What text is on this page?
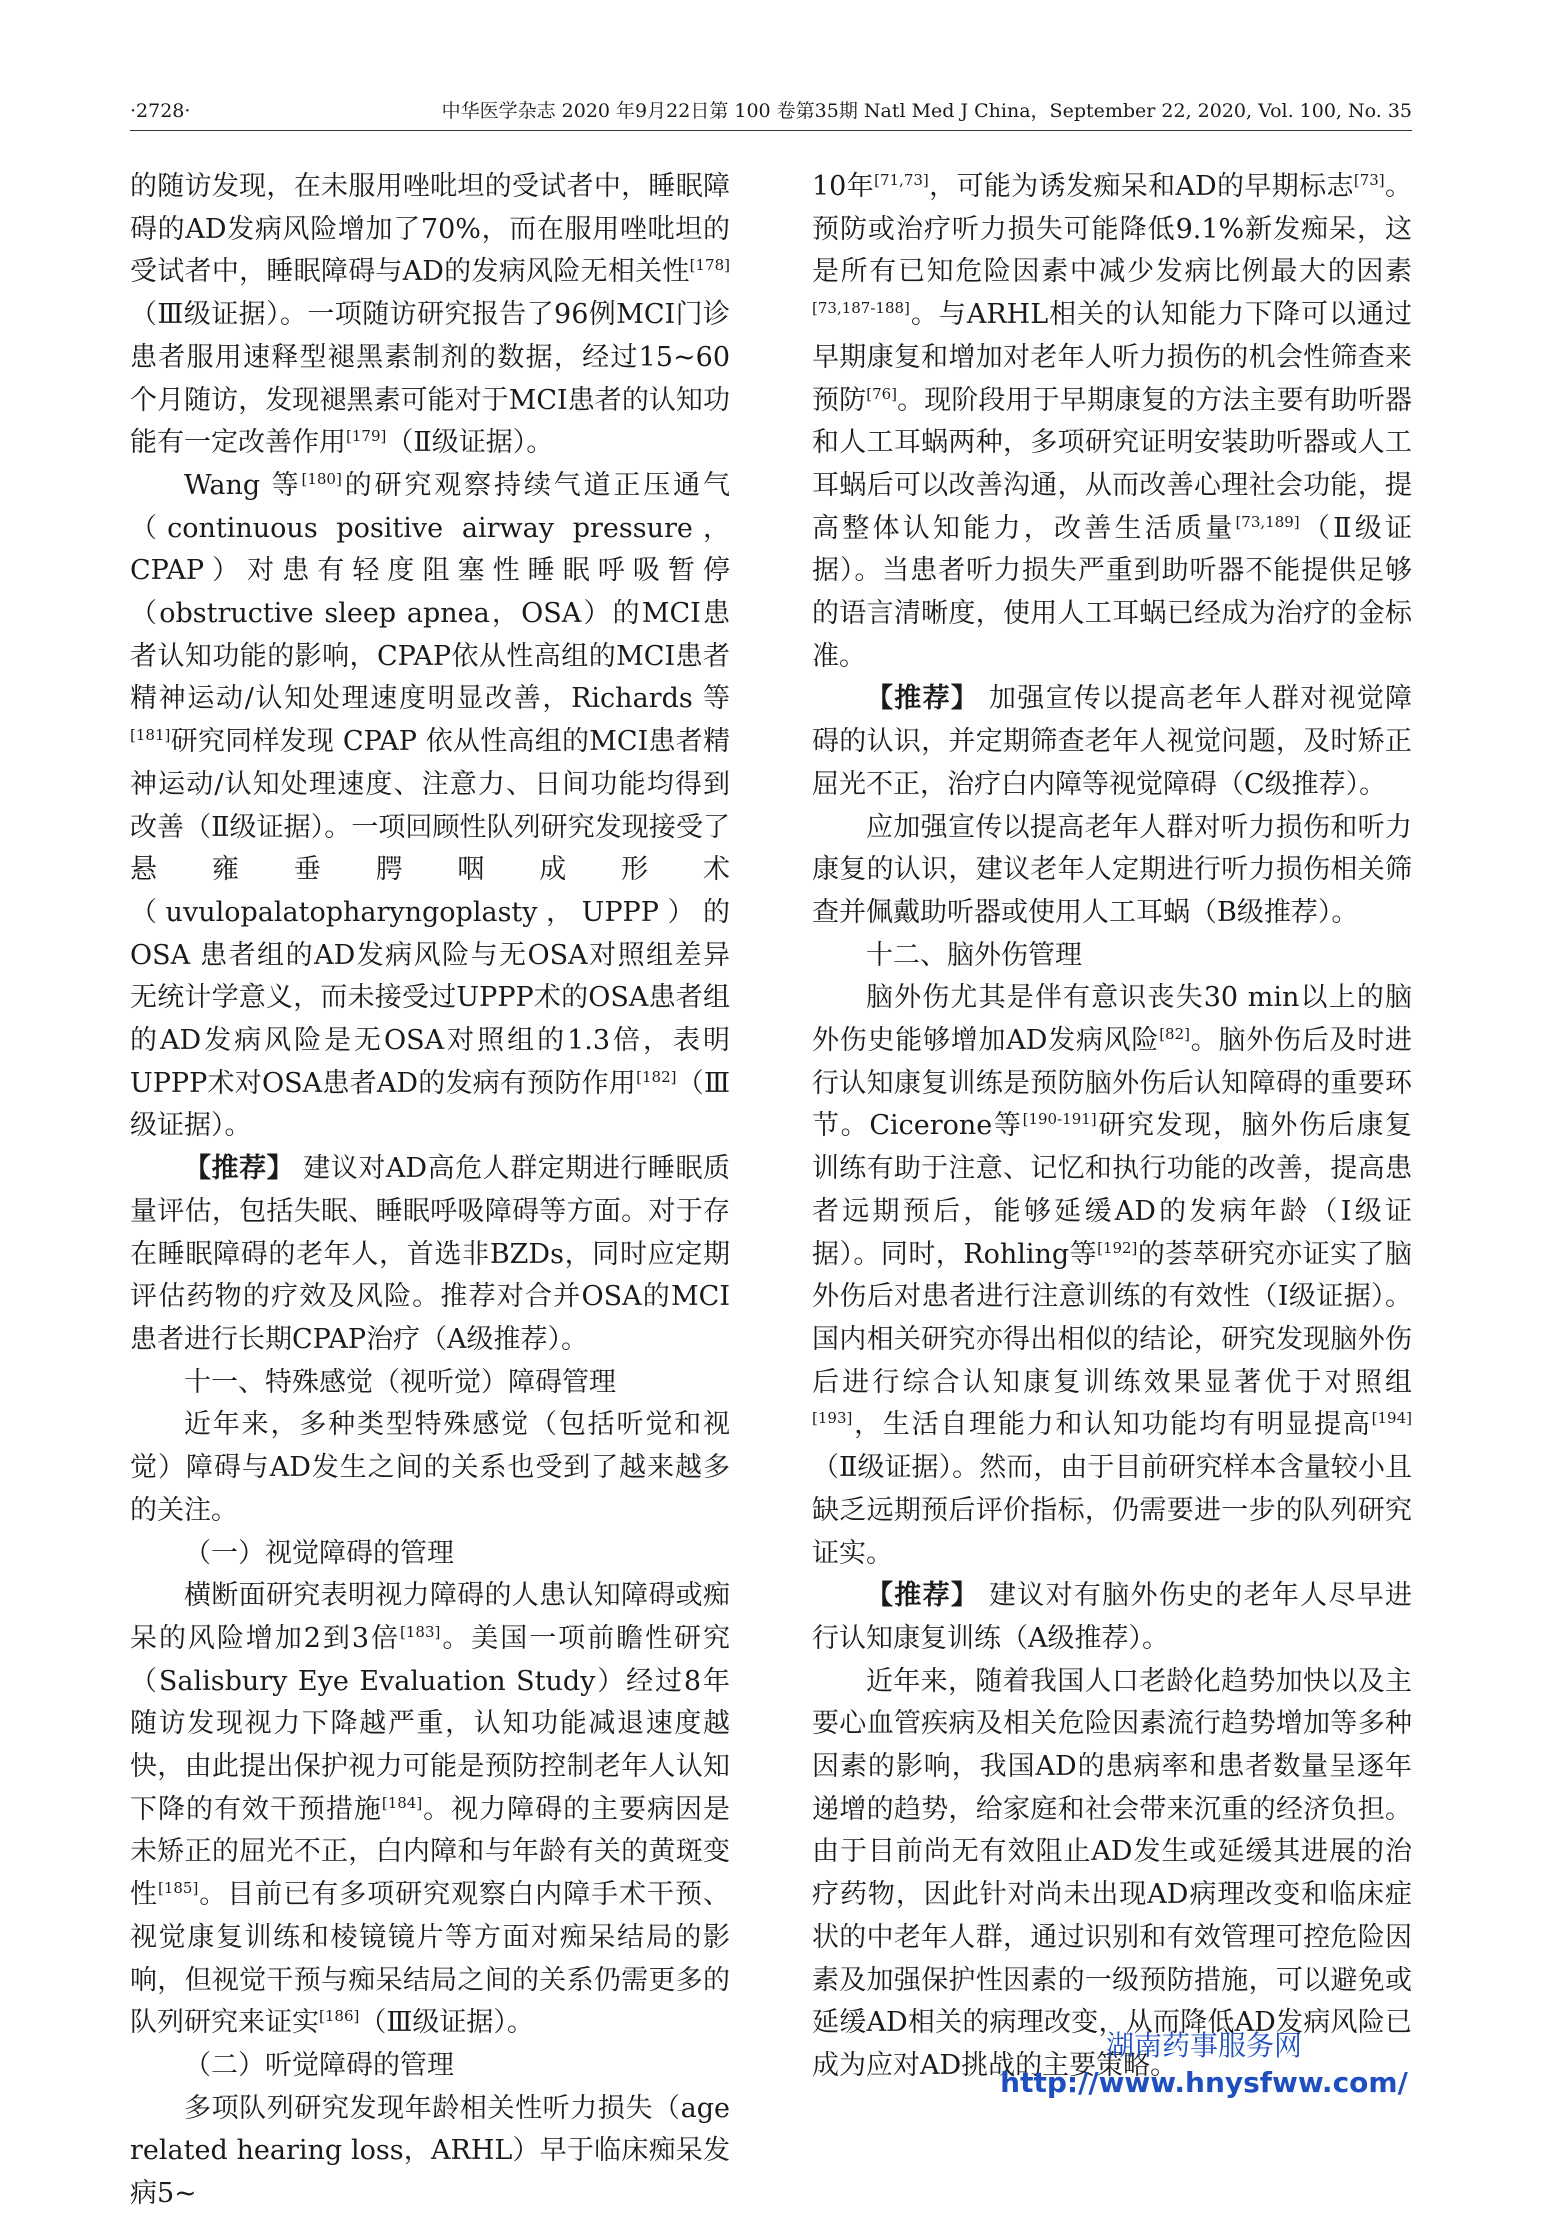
·2728·	中华医学杂志 2020 年9月22日第 100 卷第35期 Natl Med J China，September 22, 2020, Vol. 100, No. 35

的随访发现，在未服用唑吡坦的受试者中，睡眠障碍的AD发病风险增加了70%，而在服用唑吡坦的受试者中，睡眠障碍与AD的发病风险无相关性[178]（Ⅲ级证据）。一项随访研究报告了96例MCI门诊患者服用速释型褪黑素制剂的数据，经过15~60个月随访，发现褪黑素可能对于MCI患者的认知功能有一定改善作用[179]（Ⅱ级证据）。

Wang 等[180]的研究观察持续气道正压通气（continuous positive airway pressure，CPAP）对患有轻度阻塞性睡眠呼吸暂停（obstructive sleep apnea，OSA）的MCI患者认知功能的影响，CPAP依从性高组的MCI患者精神运动/认知处理速度明显改善，Richards 等[181]研究同样发现 CPAP 依从性高组的MCI患者精神运动/认知处理速度、注意力、日间功能均得到改善（Ⅱ级证据）。一项回顾性队列研究发现接受了悬雍垂腭咽成形术（uvulopalatopharyngoplasty，UPPP）的 OSA 患者组的AD发病风险与无OSA对照组差异无统计学意义，而未接受过UPPP术的OSA患者组的AD发病风险是无OSA对照组的1.3倍，表明UPPP术对OSA患者AD的发病有预防作用[182]（Ⅲ级证据）。

【推荐】 建议对AD高危人群定期进行睡眠质量评估，包括失眠、睡眠呼吸障碍等方面。对于存在睡眠障碍的老年人，首选非BZDs，同时应定期评估药物的疗效及风险。推荐对合并OSA的MCI患者进行长期CPAP治疗（A级推荐）。

十一、特殊感觉（视听觉）障碍管理

近年来，多种类型特殊感觉（包括听觉和视觉）障碍与AD发生之间的关系也受到了越来越多的关注。

（一）视觉障碍的管理

横断面研究表明视力障碍的人患认知障碍或痴呆的风险增加2到3倍[183]。美国一项前瞻性研究（Salisbury Eye Evaluation Study）经过8年随访发现视力下降越严重，认知功能减退速度越快，由此提出保护视力可能是预防控制老年人认知下降的有效干预措施[184]。视力障碍的主要病因是未矫正的屈光不正，白内障和与年龄有关的黄斑变性[185]。目前已有多项研究观察白内障手术干预、视觉康复训练和棱镜镜片等方面对痴呆结局的影响，但视觉干预与痴呆结局之间的关系仍需更多的队列研究来证实[186]（Ⅲ级证据）。

（二）听觉障碍的管理

多项队列研究发现年龄相关性听力损失（age related hearing loss，ARHL）早于临床痴呆发病5~

10年[71,73]，可能为诱发痴呆和AD的早期标志[73]。预防或治疗听力损失可能降低9.1%新发痴呆，这是所有已知危险因素中减少发病比例最大的因素[73,187-188]。与ARHL相关的认知能力下降可以通过早期康复和增加对老年人听力损伤的机会性筛查来预防[76]。现阶段用于早期康复的方法主要有助听器和人工耳蜗两种，多项研究证明安装助听器或人工耳蜗后可以改善沟通，从而改善心理社会功能，提高整体认知能力，改善生活质量[73,189]（Ⅱ级证据）。当患者听力损失严重到助听器不能提供足够的语言清晰度，使用人工耳蜗已经成为治疗的金标准。

【推荐】 加强宣传以提高老年人群对视觉障碍的认识，并定期筛查老年人视觉问题，及时矫正屈光不正，治疗白内障等视觉障碍（C级推荐）。

应加强宣传以提高老年人群对听力损伤和听力康复的认识，建议老年人定期进行听力损伤相关筛查并佩戴助听器或使用人工耳蜗（B级推荐）。

十二、脑外伤管理

脑外伤尤其是伴有意识丧失30 min以上的脑外伤史能够增加AD发病风险[82]。脑外伤后及时进行认知康复训练是预防脑外伤后认知障碍的重要环节。Cicerone等[190-191]研究发现，脑外伤后康复训练有助于注意、记忆和执行功能的改善，提高患者远期预后，能够延缓AD的发病年龄（Ⅰ级证据）。同时，Rohling等[192]的荟萃研究亦证实了脑外伤后对患者进行注意训练的有效性（Ⅰ级证据）。国内相关研究亦得出相似的结论，研究发现脑外伤后进行综合认知康复训练效果显著优于对照组[193]，生活自理能力和认知功能均有明显提高[194]（Ⅱ级证据）。然而，由于目前研究样本含量较小且缺乏远期预后评价指标，仍需要进一步的队列研究证实。

【推荐】 建议对有脑外伤史的老年人尽早进行认知康复训练（A级推荐）。

近年来，随着我国人口老龄化趋势加快以及主要心血管疾病及相关危险因素流行趋势增加等多种因素的影响，我国AD的患病率和患者数量呈逐年递增的趋势，给家庭和社会带来沉重的经济负担。由于目前尚无有效阻止AD发生或延缓其进展的治疗药物，因此针对尚未出现AD病理改变和临床症状的中老年人群，通过识别和有效管理可控危险因素及加强保护性因素的一级预防措施，可以避免或延缓AD相关的病理改变，从而降低AD发病风险已成为应对AD挑战的主要策略。

湖南药事服务网
http://www.hnysfww.com/
